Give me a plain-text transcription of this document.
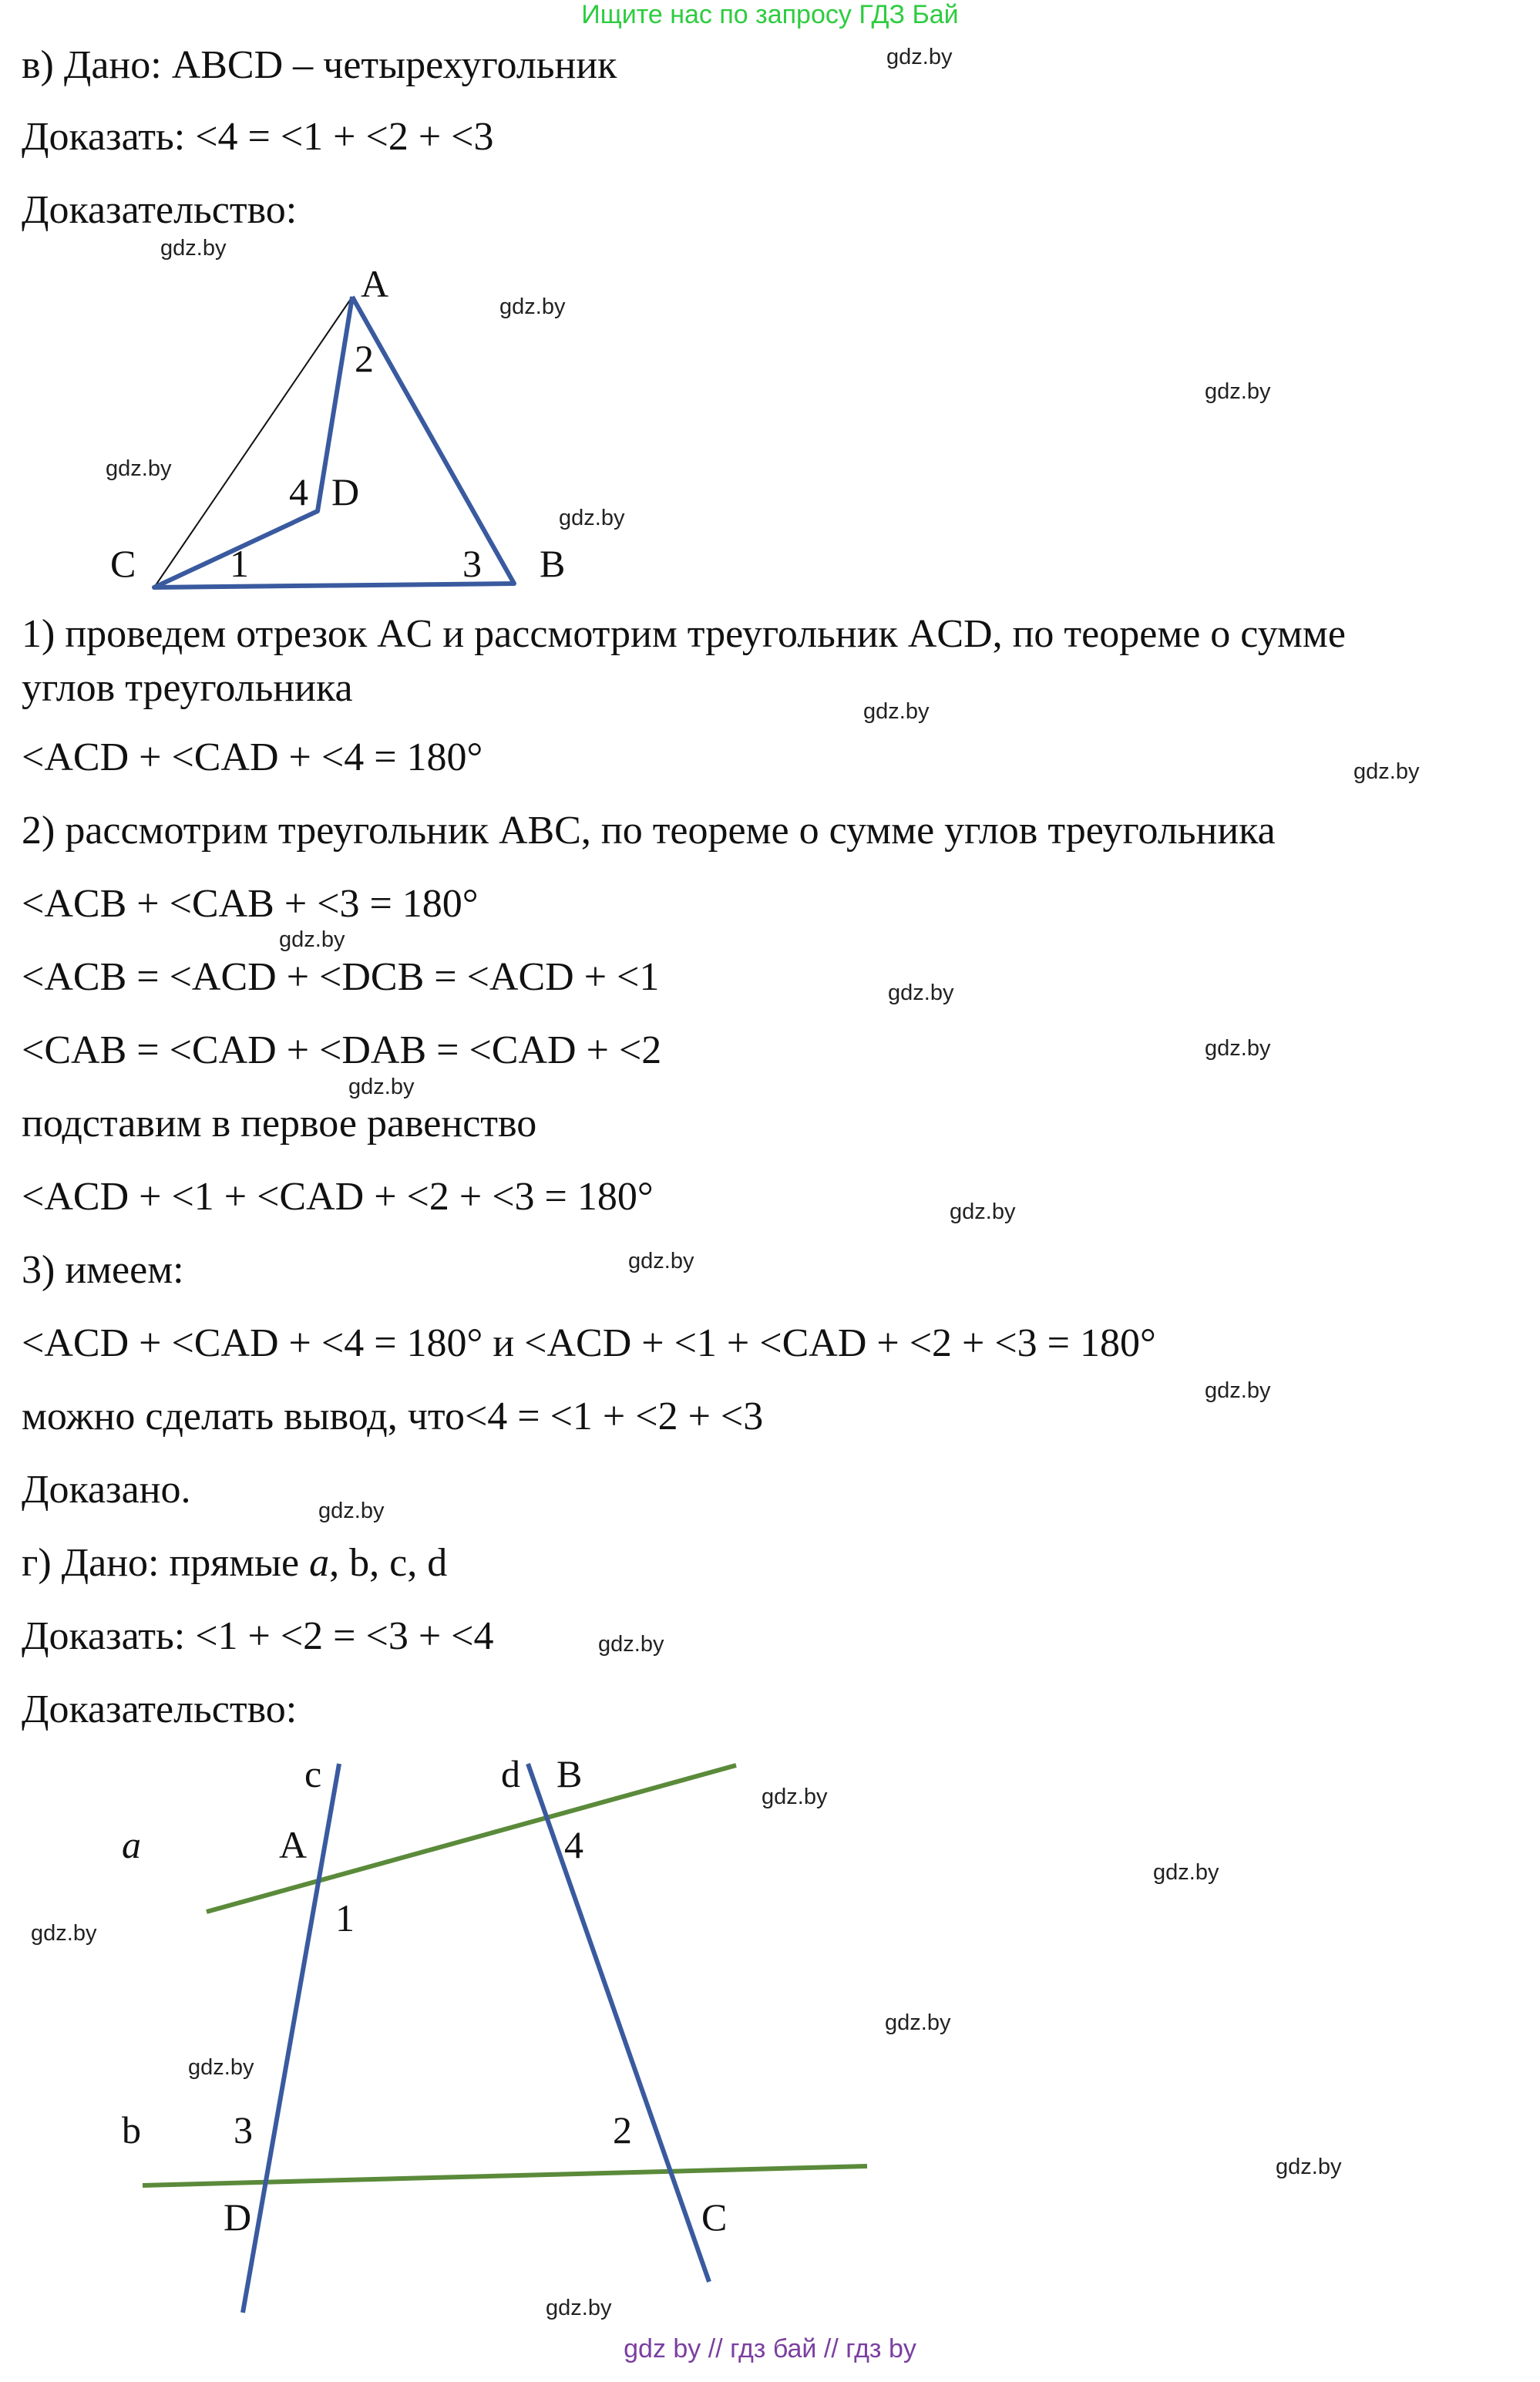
Ищите нас по запросу ГДЗ Бай
в) Дано: ABCD – четырехугольник
Доказать: <4 = <1 + <2 + <3
Доказательство:
A
2
4 D
C 1	3 B
1) проведем отрезок AC и рассмотрим треугольник ACD, по теореме о сумме
углов треугольника
<ACD + <CAD + <4 = 180°
2) рассмотрим треугольник ABC, по теореме о сумме углов треугольника
<ACB + <CAB + <3 = 180°
<ACB = <ACD + <DCB = <ACD + <1
<CAB = <CAD + <DAB = <CAD + <2
подставим в первое равенство
<ACD + <1 + <CAD + <2 + <3 = 180°
3) имеем:
<ACD + <CAD + <4 = 180° и <ACD + <1 + <CAD + <2 + <3 = 180°
можно сделать вывод, что<4 = <1 + <2 + <3
Доказано.
г) Дано: прямые a, b, c, d
Доказать: <1 + <2 = <3 + <4
Доказательство:
c	d B
a	A	4
1
b 3	2
D	C
gdz.by
gdz.by
gdz.by
gdz.by
gdz.by
gdz.by
gdz.by
gdz.by
gdz.by
gdz.by
gdz.by
gdz.by
gdz.by
gdz.by
gdz.by
gdz.by
gdz.by
gdz.by
gdz.by
gdz.by
gdz.by
gdz.by
gdz.by
gdz.by
gdz by // гдз бай // гдз by
